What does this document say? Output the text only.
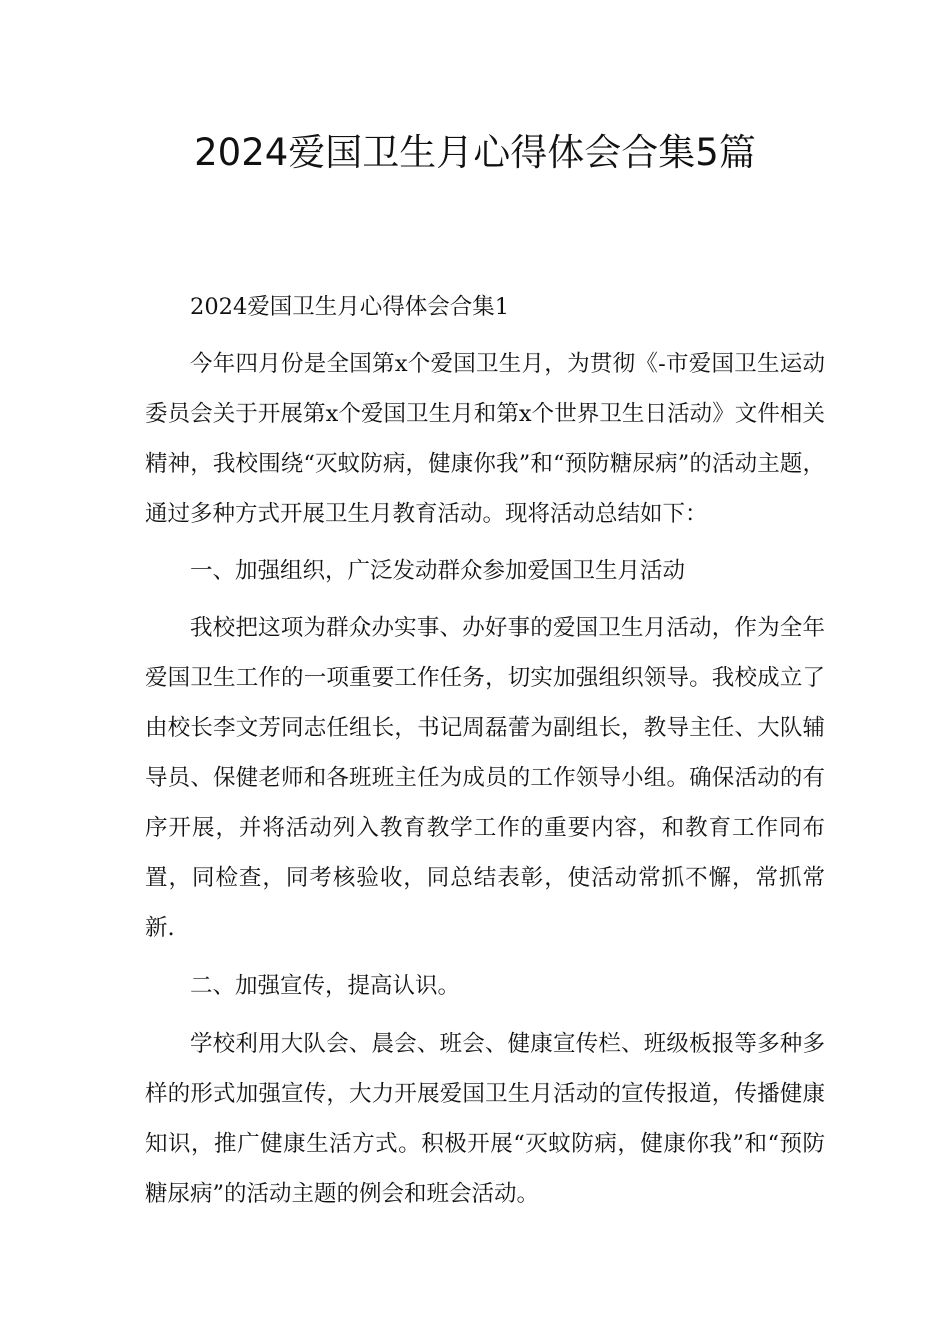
2024爱国卫生月心得体会合集5篇

2024爱国卫生月心得体会合集1

今年四月份是全国第x个爱国卫生月，为贯彻《-市爱国卫生运动委员会关于开展第x个爱国卫生月和第x个世界卫生日活动》文件相关精神，我校围绕“灭蚊防病，健康你我”和“预防糖尿病”的活动主题，通过多种方式开展卫生月教育活动。现将活动总结如下：

一、加强组织，广泛发动群众参加爱国卫生月活动

我校把这项为群众办实事、办好事的爱国卫生月活动，作为全年爱国卫生工作的一项重要工作任务，切实加强组织领导。我校成立了由校长李文芳同志任组长，书记周磊蕾为副组长，教导主任、大队辅导员、保健老师和各班班主任为成员的工作领导小组。确保活动的有序开展，并将活动列入教育教学工作的重要内容，和教育工作同布置，同检查，同考核验收，同总结表彰，使活动常抓不懈，常抓常新.

二、加强宣传，提高认识。

学校利用大队会、晨会、班会、健康宣传栏、班级板报等多种多样的形式加强宣传，大力开展爱国卫生月活动的宣传报道，传播健康知识，推广健康生活方式。积极开展“灭蚊防病，健康你我”和“预防糖尿病”的活动主题的例会和班会活动。
